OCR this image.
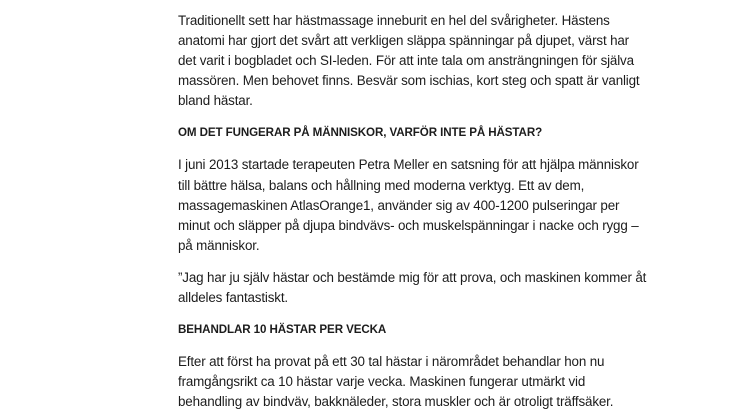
Traditionellt sett har hästmassage inneburit en hel del svårigheter. Hästens
anatomi har gjort det svårt att verkligen släppa spänningar på djupet, värst har
det varit i bogbladet och SI-leden. För att inte tala om ansträngningen för själva
massören. Men behovet finns. Besvär som ischias, kort steg och spatt är vanligt
bland hästar.

OM DET FUNGERAR PÅ MÄNNISKOR, VARFÖR INTE PÅ HÄSTAR?

I juni 2013 startade terapeuten Petra Meller en satsning för att hjälpa människor
till bättre hälsa, balans och hållning med moderna verktyg. Ett av dem,
massagemaskinen AtlasOrange1, använder sig av 400-1200 pulseringar per
minut och släpper på djupa bindvävs- och muskelspänningar i nacke och rygg –
på människor.

”Jag har ju själv hästar och bestämde mig för att prova, och maskinen kommer åt
alldeles fantastiskt.

BEHANDLAR 10 HÄSTAR PER VECKA

Efter att först ha provat på ett 30 tal hästar i närområdet behandlar hon nu
framgångsrikt ca 10 hästar varje vecka. Maskinen fungerar utmärkt vid
behandling av bindväv, bakknäleder, stora muskler och är otroligt träffsäker.
